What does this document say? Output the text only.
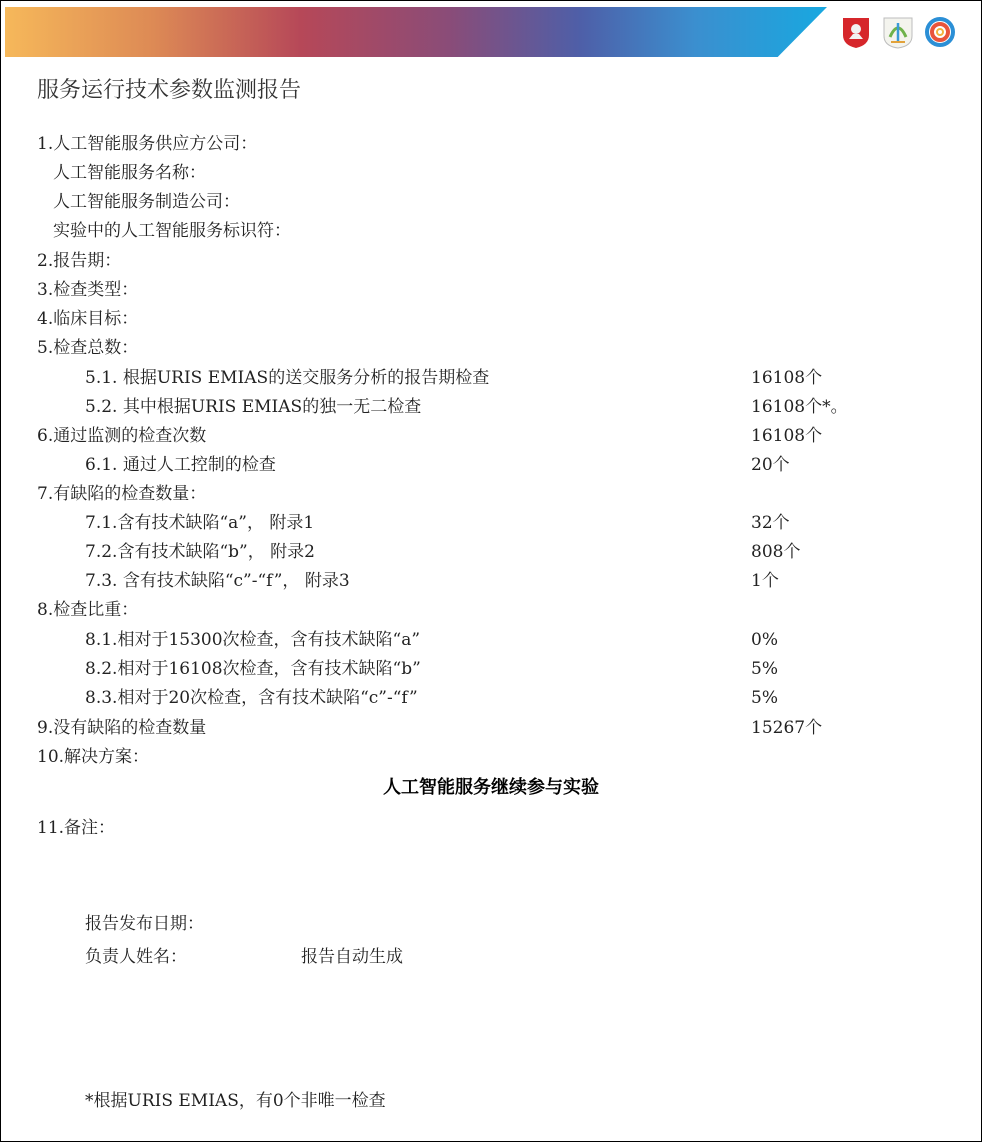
服务运行技术参数监测报告
1.人工智能服务供应方公司：
人工智能服务名称：
人工智能服务制造公司：
实验中的人工智能服务标识符：
2.报告期：
3.检查类型：
4.临床目标：
5.检查总数：
5.1. 根据URIS EMIAS的送交服务分析的报告期检查	16108个
5.2. 其中根据URIS EMIAS的独一无二检查	16108个*。
6.通过监测的检查次数	16108个
6.1. 通过人工控制的检查	20个
7.有缺陷的检查数量：
7.1.含有技术缺陷“a”， 附录1	32个
7.2.含有技术缺陷“b”， 附录2	808个
7.3. 含有技术缺陷“c”-“f”， 附录3	1个
8.检查比重：
8.1.相对于15300次检查，含有技术缺陷“a”	0%
8.2.相对于16108次检查，含有技术缺陷“b”	5%
8.3.相对于20次检查，含有技术缺陷“c”-“f”	5%
9.没有缺陷的检查数量	15267个
10.解决方案：
人工智能服务继续参与实验
11.备注：
报告发布日期：
负责人姓名：	报告自动生成
*根据URIS EMIAS，有0个非唯一检查
